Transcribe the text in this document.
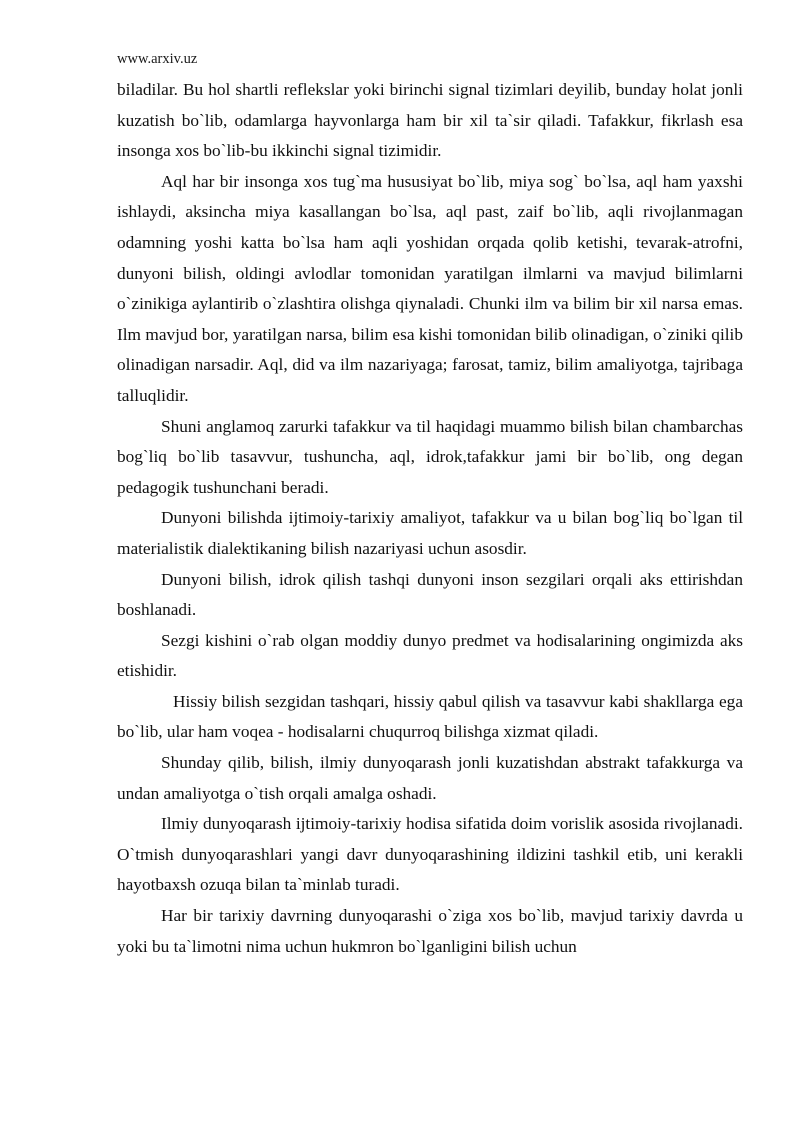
www.arxiv.uz

biladilar. Bu hol shartli reflekslar yoki birinchi signal tizimlari deyilib, bunday holat jonli kuzatish bo`lib, odamlarga hayvonlarga ham bir xil ta`sir qiladi. Tafakkur, fikrlash esa insonga xos bo`lib-bu ikkinchi signal tizimidir.

Aql har bir insonga xos tug`ma hususiyat bo`lib, miya sog` bo`lsa, aql ham yaxshi ishlaydi, aksincha miya kasallangan bo`lsa, aql past, zaif bo`lib, aqli rivojlanmagan odamning yoshi katta bo`lsa ham aqli yoshidan orqada qolib ketishi, tevarak-atrofni, dunyoni bilish, oldingi avlodlar tomonidan yaratilgan ilmlarni va mavjud bilimlarni o`zinikiga aylantirib o`zlashtira olishga qiynaladi. Chunki ilm va bilim bir xil narsa emas. Ilm mavjud bor, yaratilgan narsa, bilim esa kishi tomonidan bilib olinadigan, o`ziniki qilib olinadigan narsadir. Aql, did va ilm nazariyaga; farosat, tamiz, bilim amaliyotga, tajribaga talluqlidir.

Shuni anglamoq zarurki tafakkur va til haqidagi muammo bilish bilan chambarchas bog`liq bo`lib tasavvur, tushuncha, aql, idrok,tafakkur jami bir bo`lib, ong degan pedagogik tushunchani beradi.

Dunyoni bilishda ijtimoiy-tarixiy amaliyot, tafakkur va u bilan bog`liq bo`lgan til materialistik dialektikaning bilish nazariyasi uchun asosdir.

Dunyoni bilish, idrok qilish tashqi dunyoni inson sezgilari orqali aks ettirishdan boshlanadi.

Sezgi kishini o`rab olgan moddiy dunyo predmet va hodisalarining ongimizda aks etishidir.

Hissiy bilish sezgidan tashqari, hissiy qabul qilish va tasavvur kabi shakllarga ega bo`lib, ular ham voqea - hodisalarni chuqurroq bilishga xizmat qiladi.

Shunday qilib, bilish, ilmiy dunyoqarash jonli kuzatishdan abstrakt tafakkurga va undan amaliyotga o`tish orqali amalga oshadi.

Ilmiy dunyoqarash ijtimoiy-tarixiy hodisa sifatida doim vorislik asosida rivojlanadi. O`tmish dunyoqarashlari yangi davr dunyoqarashining ildizini tashkil etib, uni kerakli hayotbaxsh ozuqa bilan ta`minlab turadi.

Har bir tarixiy davrning dunyoqarashi o`ziga xos bo`lib, mavjud tarixiy davrda u yoki bu ta`limotni nima uchun hukmron bo`lganligini bilish uchun
